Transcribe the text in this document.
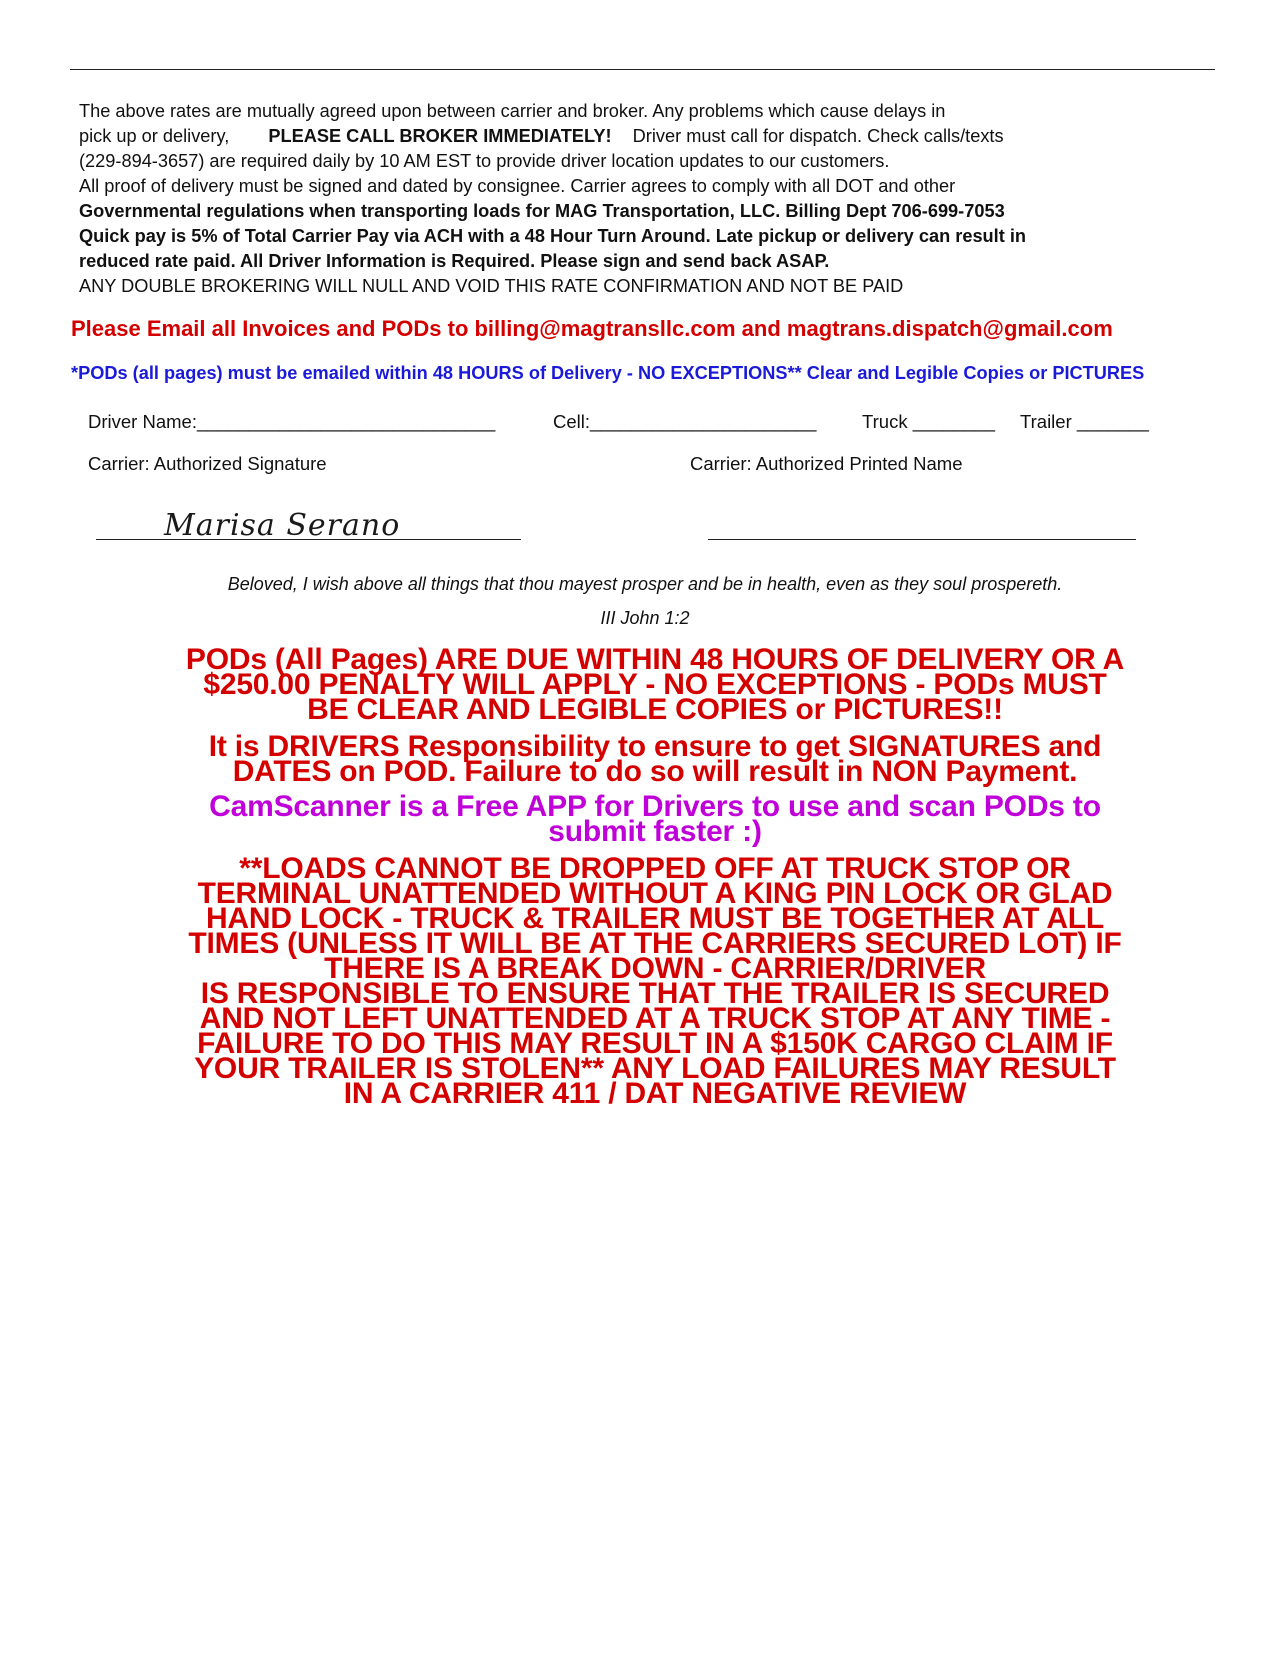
The above rates are mutually agreed upon between carrier and broker. Any problems which cause delays in
pick up or delivery, PLEASE CALL BROKER IMMEDIATELY! Driver must call for dispatch. Check calls/texts
(229-894-3657) are required daily by 10 AM EST to provide driver location updates to our customers.
All proof of delivery must be signed and dated by consignee. Carrier agrees to comply with all DOT and other
Governmental regulations when transporting loads for MAG Transportation, LLC. Billing Dept 706-699-7053
Quick pay is 5% of Total Carrier Pay via ACH with a 48 Hour Turn Around. Late pickup or delivery can result in
reduced rate paid. All Driver Information is Required. Please sign and send back ASAP.
ANY DOUBLE BROKERING WILL NULL AND VOID THIS RATE CONFIRMATION AND NOT BE PAID
Please Email all Invoices and PODs to billing@magtransllc.com and magtrans.dispatch@gmail.com
*PODs (all pages) must be emailed within 48 HOURS of Delivery - NO EXCEPTIONS** Clear and Legible Copies or PICTURES
Driver Name:_____________________________	Cell:______________________ Truck ________ Trailer _______
Carrier: Authorized Signature	Carrier: Authorized Printed Name
Marisa Serano
Beloved, I wish above all things that thou mayest prosper and be in health, even as they soul prospereth.
III John 1:2
PODs (All Pages) ARE DUE WITHIN 48 HOURS OF DELIVERY OR A
$250.00 PENALTY WILL APPLY - NO EXCEPTIONS - PODs MUST
BE CLEAR AND LEGIBLE COPIES or PICTURES!!
It is DRIVERS Responsibility to ensure to get SIGNATURES and
DATES on POD. Failure to do so will result in NON Payment.
CamScanner is a Free APP for Drivers to use and scan PODs to
submit faster :)
**LOADS CANNOT BE DROPPED OFF AT TRUCK STOP OR
TERMINAL UNATTENDED WITHOUT A KING PIN LOCK OR GLAD
HAND LOCK - TRUCK & TRAILER MUST BE TOGETHER AT ALL
TIMES (UNLESS IT WILL BE AT THE CARRIERS SECURED LOT) IF
THERE IS A BREAK DOWN - CARRIER/DRIVER
IS RESPONSIBLE TO ENSURE THAT THE TRAILER IS SECURED
AND NOT LEFT UNATTENDED AT A TRUCK STOP AT ANY TIME -
FAILURE TO DO THIS MAY RESULT IN A $150K CARGO CLAIM IF
YOUR TRAILER IS STOLEN** ANY LOAD FAILURES MAY RESULT
IN A CARRIER 411 / DAT NEGATIVE REVIEW
